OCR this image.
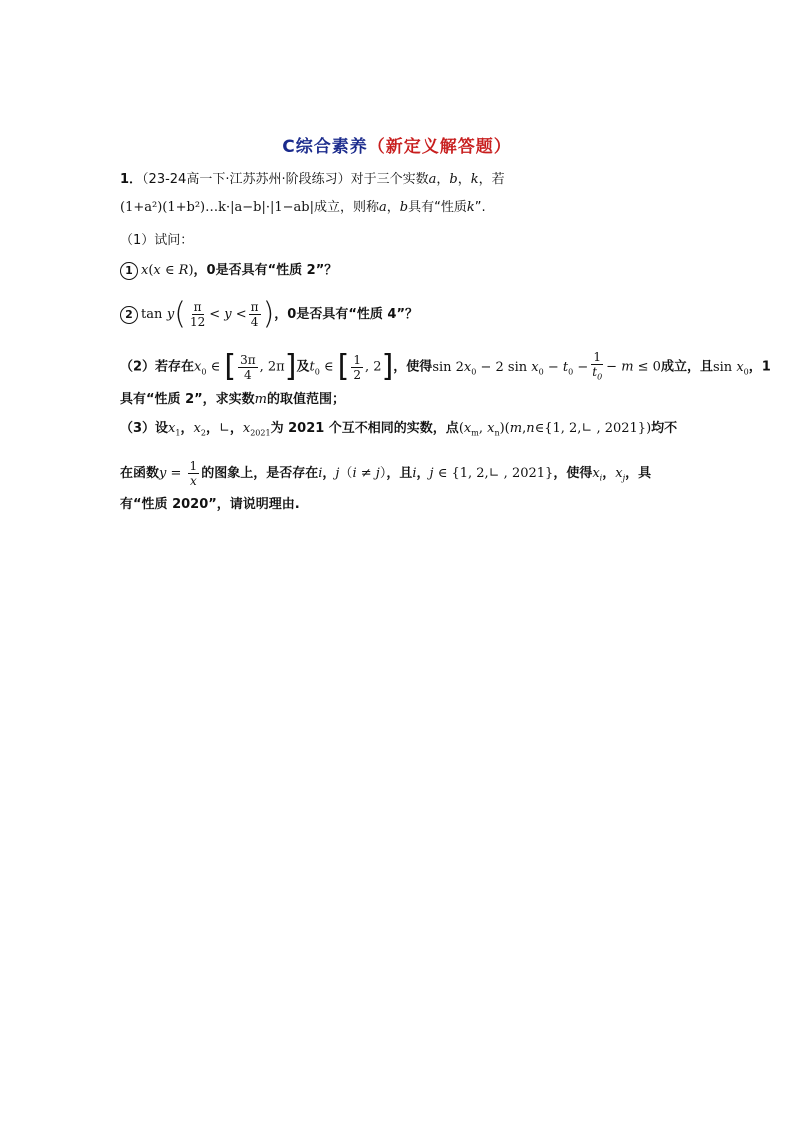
C综合素养（新定义解答题）
1．（23-24高一下·江苏苏州·阶段练习）对于三个实数a，b，k，若
(1+a²)(1+b²)…k·|a−b|·|1−ab|成立，则称a，b具有“性质k”.
（1）试问：
1 x(x ∈ R)，0是否具有“性质 2”？
2 $\tan y( \frac{\pi}{12} < y < \frac{\pi}{4}$ )，0是否具有“性质 4”？
（2）若存在$x_0$ ∈ [ $\frac{3\pi}{4}$ , 2π]及$t_0$ ∈ [ $\frac{1}{2}$ , 2]，使得$\sin 2x_0 - 2$ $\sin x_0 - t_0 - \frac{1}{t_0} - m \le 0$成立，且$\sin x_0$，1
具有“性质 2”，求实数m的取值范围；
（3）设$x_1$，$x_2$，∟，$x_{2021}$为 2021 个互不相同的实数，点($x_m$, $x_n)(m,n\in\{1$, 2,∟ , 2021})均不
在函数$y = \frac{1}{x}$ 的图象上，是否存在i，j（i ≠ j），且i，j ∈ {1, 2,∟ , 2021}，使得$x_i$，$x_j$，具
有“性质 2020”，请说明理由.
